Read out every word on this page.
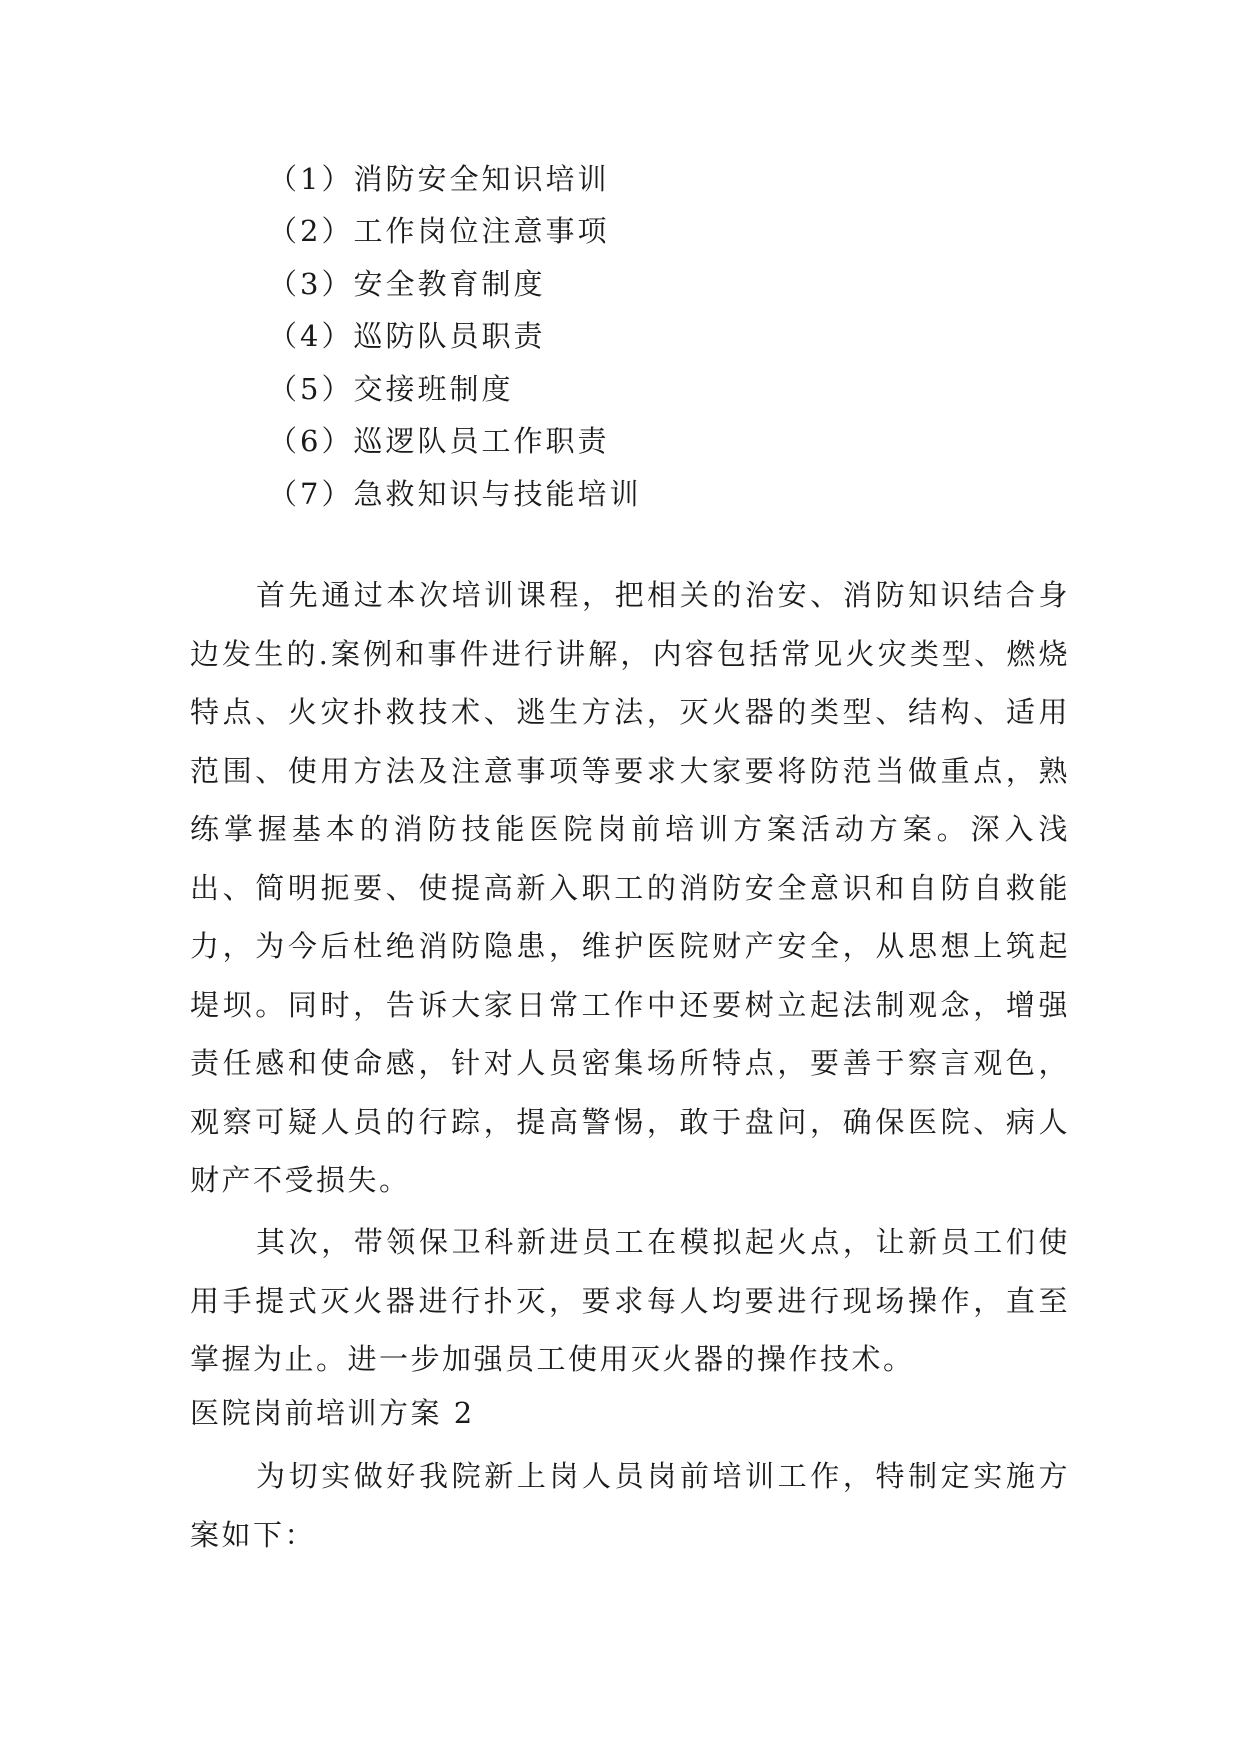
（1）消防安全知识培训
（2）工作岗位注意事项
（3）安全教育制度
（4）巡防队员职责
（5）交接班制度
（6）巡逻队员工作职责
（7）急救知识与技能培训

首先通过本次培训课程，把相关的治安、消防知识结合身边发生的.案例和事件进行讲解，内容包括常见火灾类型、燃烧特点、火灾扑救技术、逃生方法，灭火器的类型、结构、适用范围、使用方法及注意事项等要求大家要将防范当做重点，熟练掌握基本的消防技能医院岗前培训方案活动方案。深入浅出、简明扼要、使提高新入职工的消防安全意识和自防自救能力，为今后杜绝消防隐患，维护医院财产安全，从思想上筑起堤坝。同时，告诉大家日常工作中还要树立起法制观念，增强责任感和使命感，针对人员密集场所特点，要善于察言观色，观察可疑人员的行踪，提高警惕，敢于盘问，确保医院、病人财产不受损失。

其次，带领保卫科新进员工在模拟起火点，让新员工们使用手提式灭火器进行扑灭，要求每人均要进行现场操作，直至掌握为止。进一步加强员工使用灭火器的操作技术。

医院岗前培训方案 2

为切实做好我院新上岗人员岗前培训工作，特制定实施方案如下：
